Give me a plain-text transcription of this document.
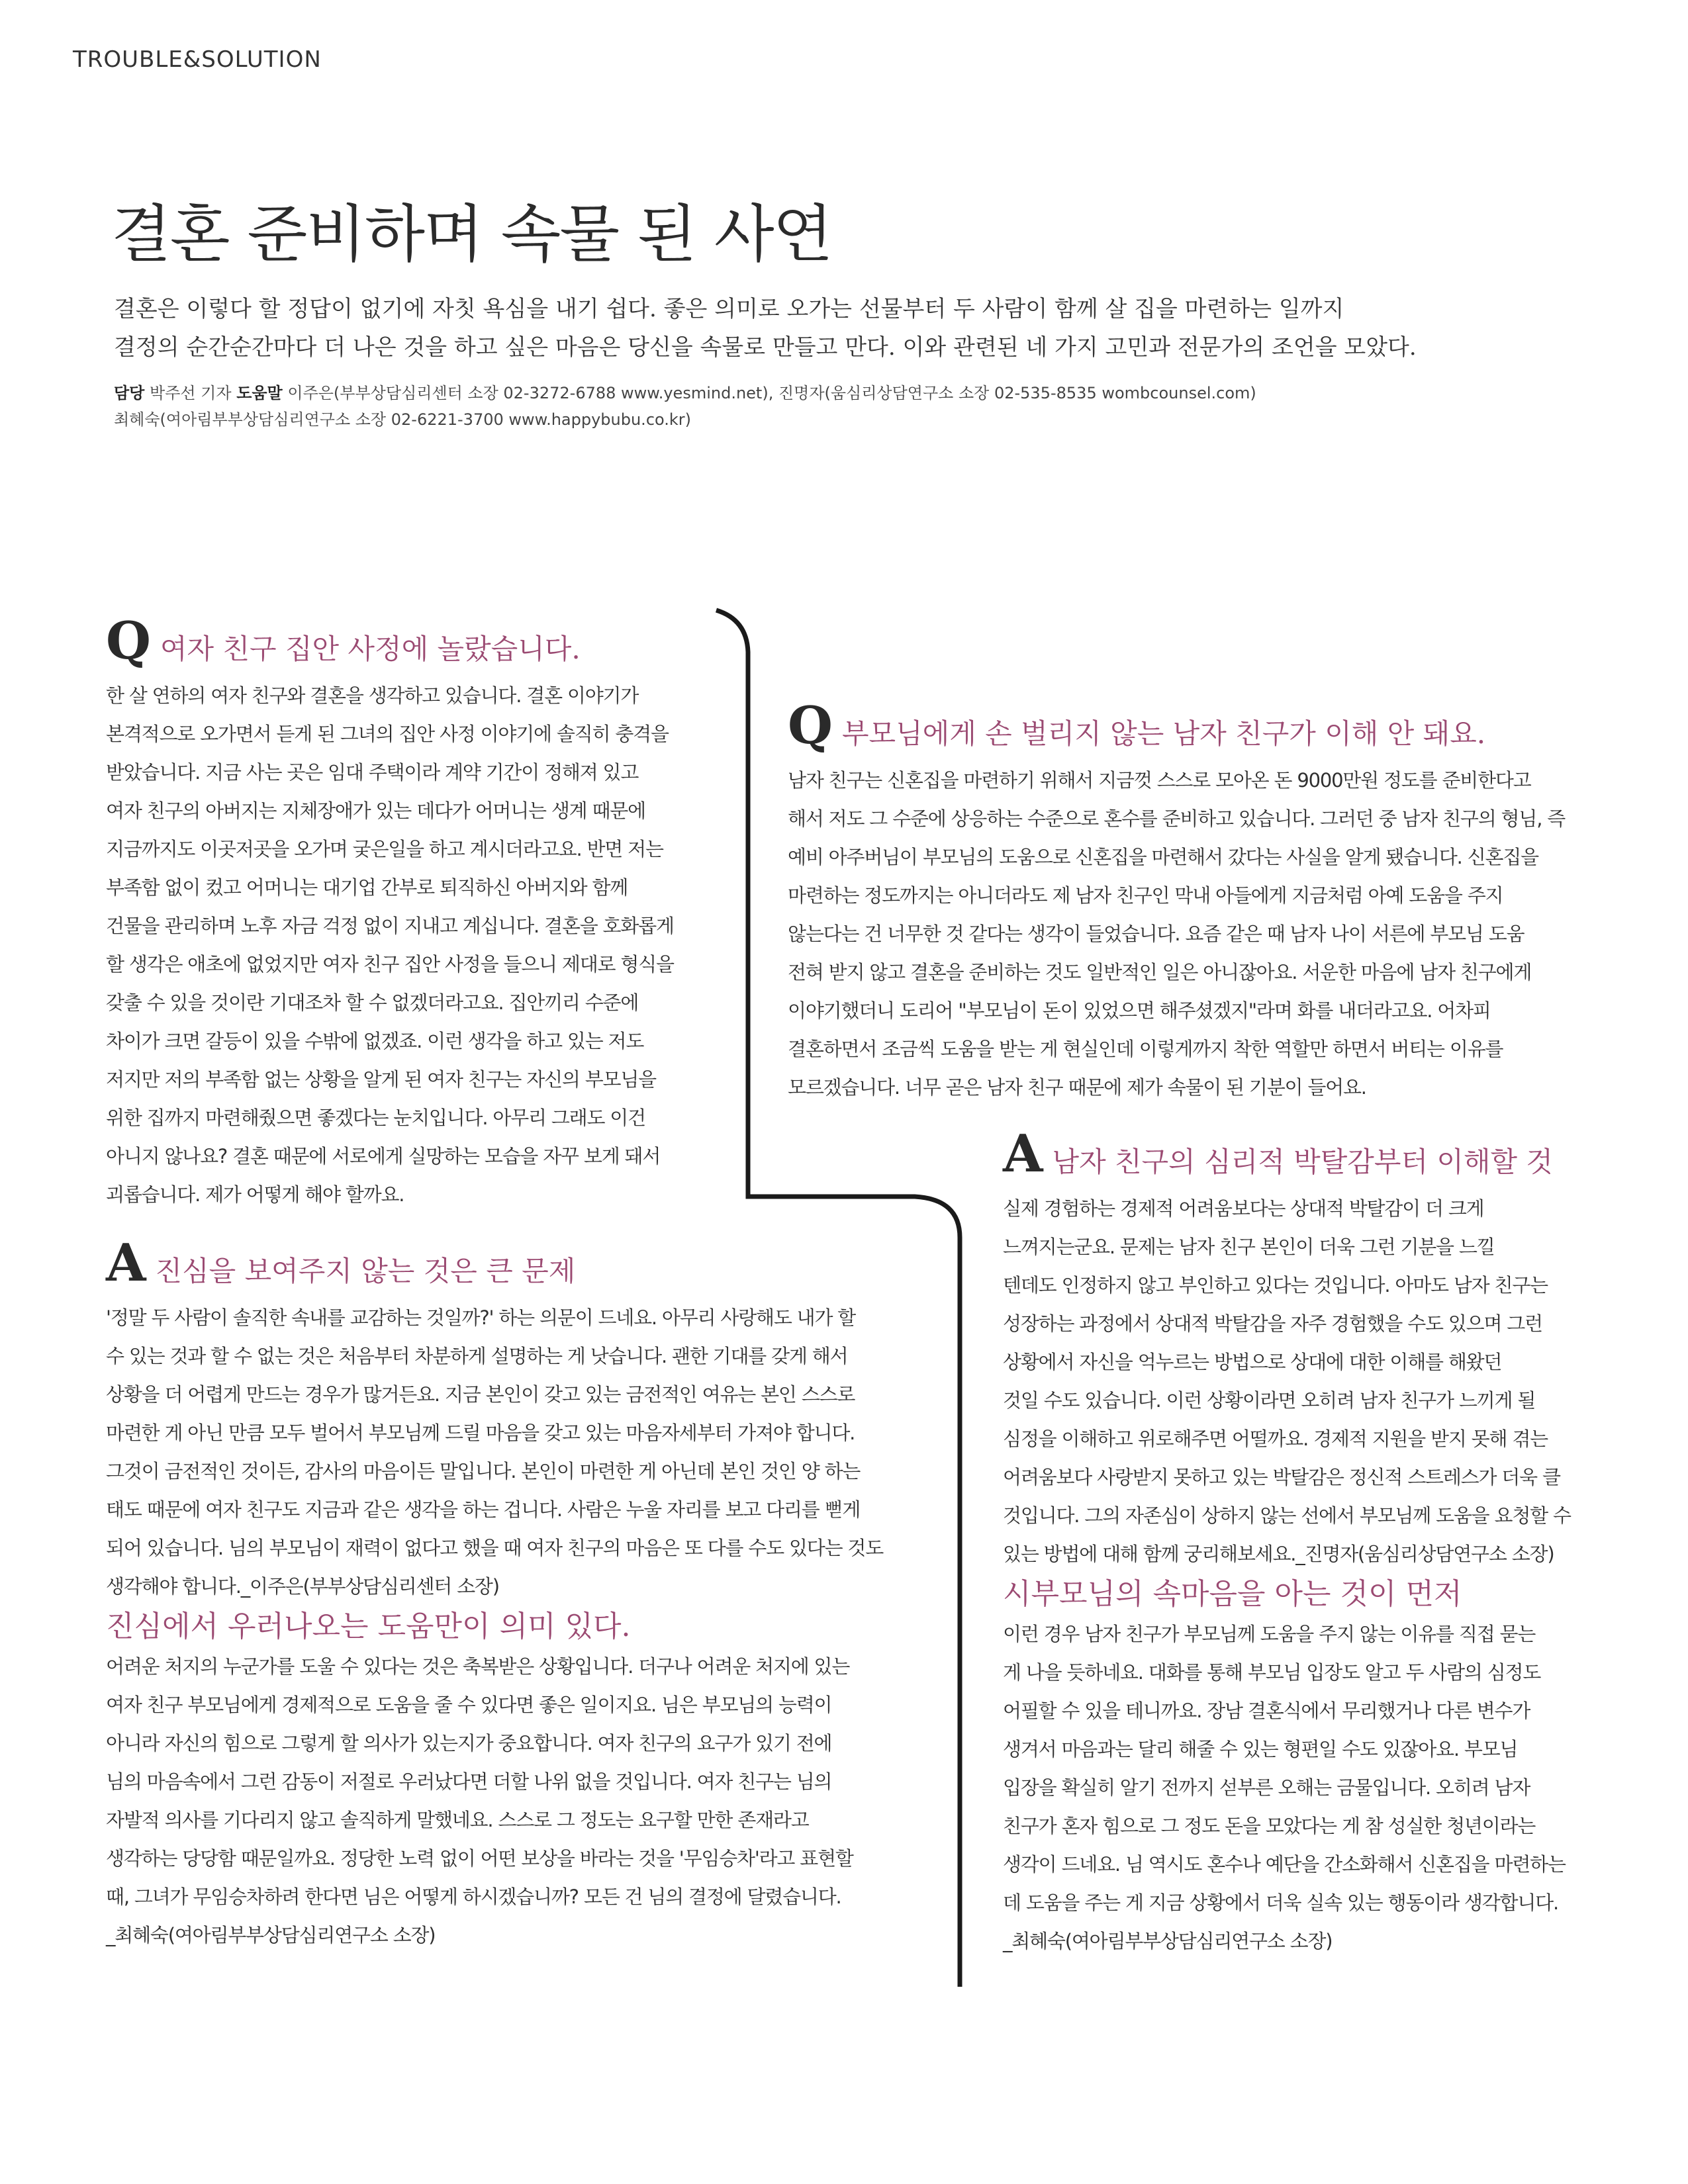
TROUBLE&SOLUTION
결혼 준비하며 속물 된 사연

결혼은 이렇다 할 정답이 없기에 자칫 욕심을 내기 쉽다. 좋은 의미로 오가는 선물부터 두 사람이 함께 살 집을 마련하는 일까지

결정의 순간순간마다 더 나은 것을 하고 싶은 마음은 당신을 속물로 만들고 만다. 이와 관련된 네 가지 고민과 전문가의 조언을 모았다.

담당 박주선 기자 도움말 이주은(부부상담심리센터 소장 02-3272-6788 www.yesmind.net), 진명자(움심리상담연구소 소장 02-535-8535 wombcounsel.com)

최혜숙(여아림부부상담심리연구소 소장 02-6221-3700 www.happybubu.co.kr)

Q 여자 친구 집안 사정에 놀랐습니다.

한 살 연하의 여자 친구와 결혼을 생각하고 있습니다. 결혼 이야기가

본격적으로 오가면서 듣게 된 그녀의 집안 사정 이야기에 솔직히 충격을

받았습니다. 지금 사는 곳은 임대 주택이라 계약 기간이 정해져 있고

여자 친구의 아버지는 지체장애가 있는 데다가 어머니는 생계 때문에

지금까지도 이곳저곳을 오가며 궂은일을 하고 계시더라고요. 반면 저는

부족함 없이 컸고 어머니는 대기업 간부로 퇴직하신 아버지와 함께

건물을 관리하며 노후 자금 걱정 없이 지내고 계십니다. 결혼을 호화롭게

할 생각은 애초에 없었지만 여자 친구 집안 사정을 들으니 제대로 형식을

갖출 수 있을 것이란 기대조차 할 수 없겠더라고요. 집안끼리 수준에

차이가 크면 갈등이 있을 수밖에 없겠죠. 이런 생각을 하고 있는 저도

저지만 저의 부족함 없는 상황을 알게 된 여자 친구는 자신의 부모님을

위한 집까지 마련해줬으면 좋겠다는 눈치입니다. 아무리 그래도 이건

아니지 않나요? 결혼 때문에 서로에게 실망하는 모습을 자꾸 보게 돼서

괴롭습니다. 제가 어떻게 해야 할까요.

A 진심을 보여주지 않는 것은 큰 문제

'정말 두 사람이 솔직한 속내를 교감하는 것일까?' 하는 의문이 드네요. 아무리 사랑해도 내가 할

수 있는 것과 할 수 없는 것은 처음부터 차분하게 설명하는 게 낫습니다. 괜한 기대를 갖게 해서

상황을 더 어렵게 만드는 경우가 많거든요. 지금 본인이 갖고 있는 금전적인 여유는 본인 스스로

마련한 게 아닌 만큼 모두 벌어서 부모님께 드릴 마음을 갖고 있는 마음자세부터 가져야 합니다.

그것이 금전적인 것이든, 감사의 마음이든 말입니다. 본인이 마련한 게 아닌데 본인 것인 양 하는

태도 때문에 여자 친구도 지금과 같은 생각을 하는 겁니다. 사람은 누울 자리를 보고 다리를 뻗게

되어 있습니다. 님의 부모님이 재력이 없다고 했을 때 여자 친구의 마음은 또 다를 수도 있다는 것도

생각해야 합니다._이주은(부부상담심리센터 소장)

진심에서 우러나오는 도움만이 의미 있다.

어려운 처지의 누군가를 도울 수 있다는 것은 축복받은 상황입니다. 더구나 어려운 처지에 있는

여자 친구 부모님에게 경제적으로 도움을 줄 수 있다면 좋은 일이지요. 님은 부모님의 능력이

아니라 자신의 힘으로 그렇게 할 의사가 있는지가 중요합니다. 여자 친구의 요구가 있기 전에

님의 마음속에서 그런 감동이 저절로 우러났다면 더할 나위 없을 것입니다. 여자 친구는 님의

자발적 의사를 기다리지 않고 솔직하게 말했네요. 스스로 그 정도는 요구할 만한 존재라고

생각하는 당당함 때문일까요. 정당한 노력 없이 어떤 보상을 바라는 것을 '무임승차'라고 표현할

때, 그녀가 무임승차하려 한다면 님은 어떻게 하시겠습니까? 모든 건 님의 결정에 달렸습니다.

_최혜숙(여아림부부상담심리연구소 소장)

Q 부모님에게 손 벌리지 않는 남자 친구가 이해 안 돼요.

남자 친구는 신혼집을 마련하기 위해서 지금껏 스스로 모아온 돈 9000만원 정도를 준비한다고

해서 저도 그 수준에 상응하는 수준으로 혼수를 준비하고 있습니다. 그러던 중 남자 친구의 형님, 즉

예비 아주버님이 부모님의 도움으로 신혼집을 마련해서 갔다는 사실을 알게 됐습니다. 신혼집을

마련하는 정도까지는 아니더라도 제 남자 친구인 막내 아들에게 지금처럼 아예 도움을 주지

않는다는 건 너무한 것 같다는 생각이 들었습니다. 요즘 같은 때 남자 나이 서른에 부모님 도움

전혀 받지 않고 결혼을 준비하는 것도 일반적인 일은 아니잖아요. 서운한 마음에 남자 친구에게

이야기했더니 도리어 "부모님이 돈이 있었으면 해주셨겠지"라며 화를 내더라고요. 어차피

결혼하면서 조금씩 도움을 받는 게 현실인데 이렇게까지 착한 역할만 하면서 버티는 이유를

모르겠습니다. 너무 곧은 남자 친구 때문에 제가 속물이 된 기분이 들어요.

A 남자 친구의 심리적 박탈감부터 이해할 것

실제 경험하는 경제적 어려움보다는 상대적 박탈감이 더 크게

느껴지는군요. 문제는 남자 친구 본인이 더욱 그런 기분을 느낄

텐데도 인정하지 않고 부인하고 있다는 것입니다. 아마도 남자 친구는

성장하는 과정에서 상대적 박탈감을 자주 경험했을 수도 있으며 그런

상황에서 자신을 억누르는 방법으로 상대에 대한 이해를 해왔던

것일 수도 있습니다. 이런 상황이라면 오히려 남자 친구가 느끼게 될

심정을 이해하고 위로해주면 어떨까요. 경제적 지원을 받지 못해 겪는

어려움보다 사랑받지 못하고 있는 박탈감은 정신적 스트레스가 더욱 클

것입니다. 그의 자존심이 상하지 않는 선에서 부모님께 도움을 요청할 수

있는 방법에 대해 함께 궁리해보세요._진명자(움심리상담연구소 소장)

시부모님의 속마음을 아는 것이 먼저

이런 경우 남자 친구가 부모님께 도움을 주지 않는 이유를 직접 묻는

게 나을 듯하네요. 대화를 통해 부모님 입장도 알고 두 사람의 심정도

어필할 수 있을 테니까요. 장남 결혼식에서 무리했거나 다른 변수가

생겨서 마음과는 달리 해줄 수 있는 형편일 수도 있잖아요. 부모님

입장을 확실히 알기 전까지 섣부른 오해는 금물입니다. 오히려 남자

친구가 혼자 힘으로 그 정도 돈을 모았다는 게 참 성실한 청년이라는

생각이 드네요. 님 역시도 혼수나 예단을 간소화해서 신혼집을 마련하는

데 도움을 주는 게 지금 상황에서 더욱 실속 있는 행동이라 생각합니다.

_최혜숙(여아림부부상담심리연구소 소장)
